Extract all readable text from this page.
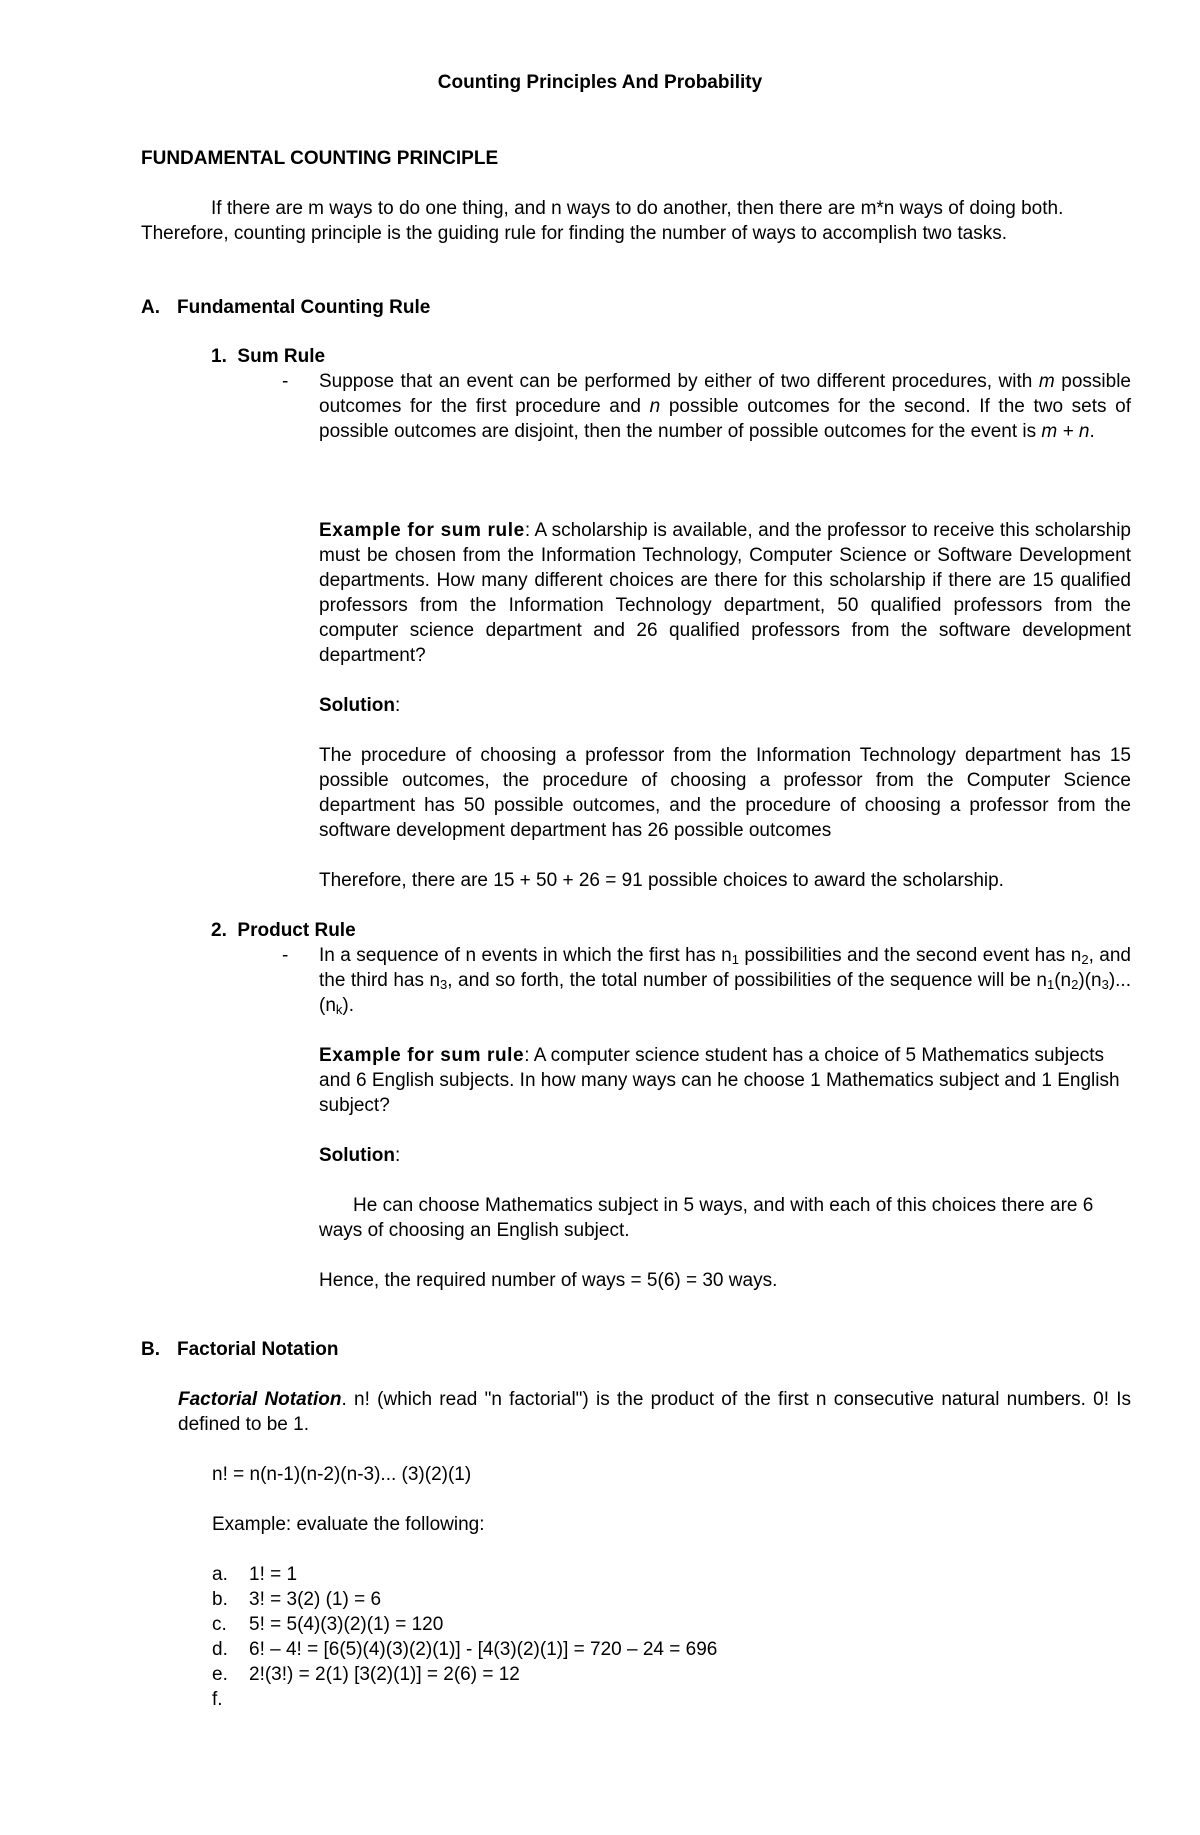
Counting Principles And Probability
FUNDAMENTAL COUNTING PRINCIPLE
If there are m ways to do one thing, and n ways to do another, then there are m*n ways of doing both. Therefore, counting principle is the guiding rule for finding the number of ways to accomplish two tasks.
A. Fundamental Counting Rule
1. Sum Rule
- Suppose that an event can be performed by either of two different procedures, with m possible outcomes for the first procedure and n possible outcomes for the second. If the two sets of possible outcomes are disjoint, then the number of possible outcomes for the event is m + n.
Example for sum rule: A scholarship is available, and the professor to receive this scholarship must be chosen from the Information Technology, Computer Science or Software Development departments. How many different choices are there for this scholarship if there are 15 qualified professors from the Information Technology department, 50 qualified professors from the computer science department and 26 qualified professors from the software development department?
Solution:
The procedure of choosing a professor from the Information Technology department has 15 possible outcomes, the procedure of choosing a professor from the Computer Science department has 50 possible outcomes, and the procedure of choosing a professor from the software development department has 26 possible outcomes
Therefore, there are 15 + 50 + 26 = 91 possible choices to award the scholarship.
2. Product Rule
- In a sequence of n events in which the first has $n_1$ possibilities and the second event has $n_2$, and the third has $n_3$, and so forth, the total number of possibilities of the sequence will be $n_1(n_2)(n_3)...(n_k)$.
Example for sum rule: A computer science student has a choice of 5 Mathematics subjects and 6 English subjects. In how many ways can he choose 1 Mathematics subject and 1 English subject?
Solution:
He can choose Mathematics subject in 5 ways, and with each of this choices there are 6 ways of choosing an English subject.
Hence, the required number of ways = 5(6) = 30 ways.
B. Factorial Notation
Factorial Notation. n! (which read "n factorial") is the product of the first n consecutive natural numbers. 0! Is defined to be 1.
n! = n(n-1)(n-2)(n-3)... (3)(2)(1)
Example: evaluate the following:
a.	1! = 1
b.	3! = 3(2) (1) = 6
c.	5! = 5(4)(3)(2)(1) = 120
d.	6! – 4! = [6(5)(4)(3)(2)(1)] - [4(3)(2)(1)] = 720 – 24 = 696
e.	2!(3!) = 2(1) [3(2)(1)] = 2(6) = 12
f.
